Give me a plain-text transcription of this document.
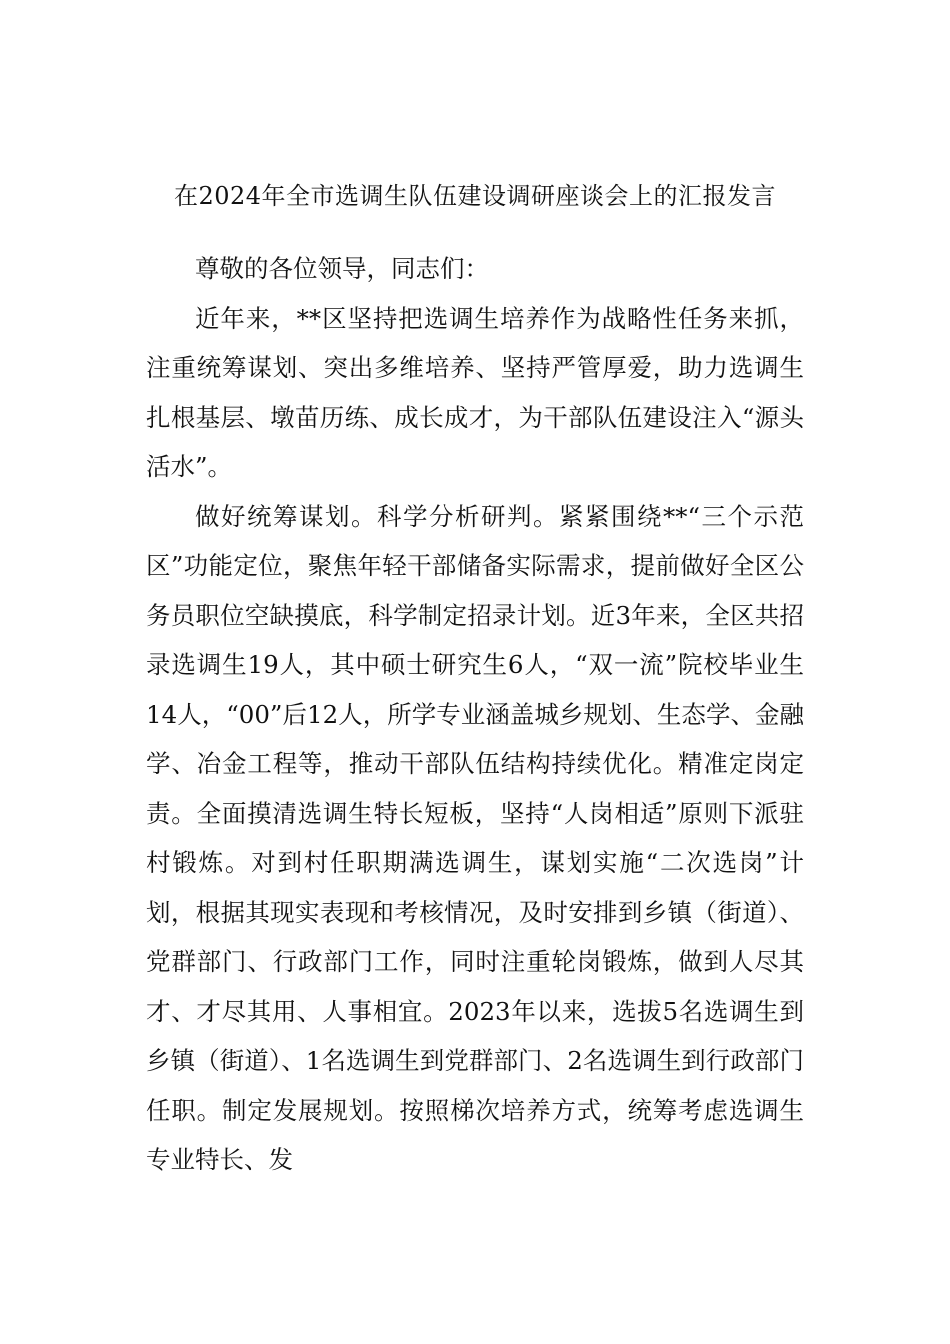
在2024年全市选调生队伍建设调研座谈会上的汇报发言

尊敬的各位领导，同志们：

近年来，**区坚持把选调生培养作为战略性任务来抓，注重统筹谋划、突出多维培养、坚持严管厚爱，助力选调生扎根基层、墩苗历练、成长成才，为干部队伍建设注入“源头活水”。

做好统筹谋划。科学分析研判。紧紧围绕**“三个示范区”功能定位，聚焦年轻干部储备实际需求，提前做好全区公务员职位空缺摸底，科学制定招录计划。近3年来，全区共招录选调生19人，其中硕士研究生6人，“双一流”院校毕业生14人，“00”后12人，所学专业涵盖城乡规划、生态学、金融学、冶金工程等，推动干部队伍结构持续优化。精准定岗定责。全面摸清选调生特长短板，坚持“人岗相适”原则下派驻村锻炼。对到村任职期满选调生，谋划实施“二次选岗”计划，根据其现实表现和考核情况，及时安排到乡镇（街道）、党群部门、行政部门工作，同时注重轮岗锻炼，做到人尽其才、才尽其用、人事相宜。2023年以来，选拔5名选调生到乡镇（街道）、1名选调生到党群部门、2名选调生到行政部门任职。制定发展规划。按照梯次培养方式，统筹考虑选调生专业特长、发
